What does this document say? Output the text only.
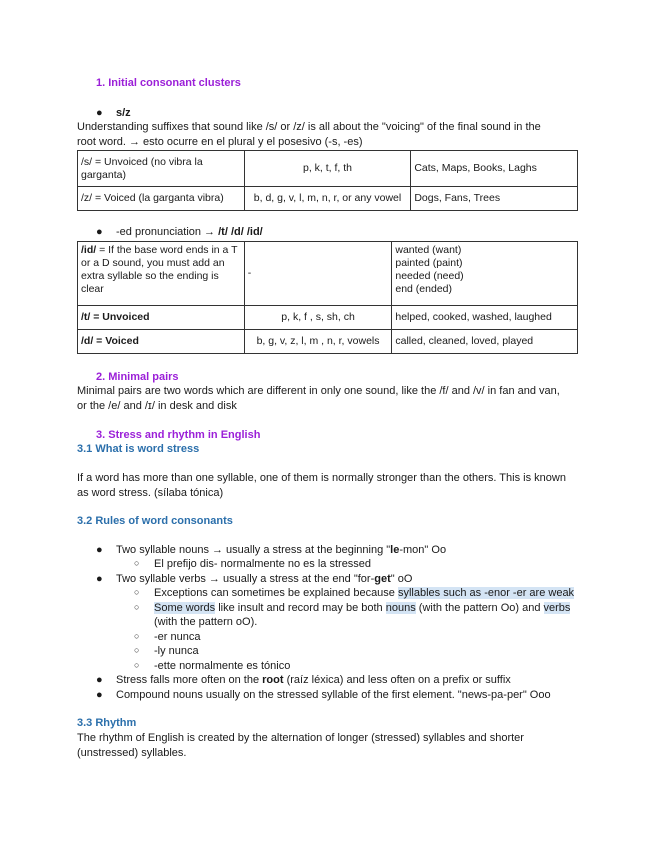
1. Initial consonant clusters
● s/z
Understanding suffixes that sound like /s/ or /z/ is all about the "voicing" of the final sound in the
root word. → esto ocurre en el plural y el posesivo (-s, -es)
/s/ = Unvoiced (no vibra la garganta)	p, k, t, f, th	Cats, Maps, Books, Laghs
/z/ = Voiced (la garganta vibra)	b, d, g, v, l, m, n, r, or any vowel	Dogs, Fans, Trees
● -ed pronunciation → /t/ /d/ /id/
/id/ = If the base word ends in a T or a D sound, you must add an extra syllable so the ending is clear	-	wanted (want)
painted (paint)
needed (need)
end (ended)

/t/ = Unvoiced	p, k, f , s, sh, ch	helped, cooked, washed, laughed
/d/ = Voiced	b, g, v, z, l, m , n, r, vowels	called, cleaned, loved, played
2. Minimal pairs
Minimal pairs are two words which are different in only one sound, like the /f/ and /v/ in fan and van,
or the /e/ and /ɪ/ in desk and disk
3. Stress and rhythm in English
3.1 What is word stress
If a word has more than one syllable, one of them is normally stronger than the others. This is known
as word stress. (sílaba tónica)
3.2 Rules of word consonants
● Two syllable nouns → usually a stress at the beginning "le-mon" Oo
○ El prefijo dis- normalmente no es la stressed
● Two syllable verbs → usually a stress at the end "for-get" oO
○ Exceptions can sometimes be explained because syllables such as -enor -er are weak
○ Some words like insult and record may be both nouns (with the pattern Oo) and verbs
(with the pattern oO).
○ -er nunca
○ -ly nunca
○ -ette normalmente es tónico
● Stress falls more often on the root (raíz léxica) and less often on a prefix or suffix
● Compound nouns usually on the stressed syllable of the first element. "news-pa-per" Ooo
3.3 Rhythm
The rhythm of English is created by the alternation of longer (stressed) syllables and shorter
(unstressed) syllables.
